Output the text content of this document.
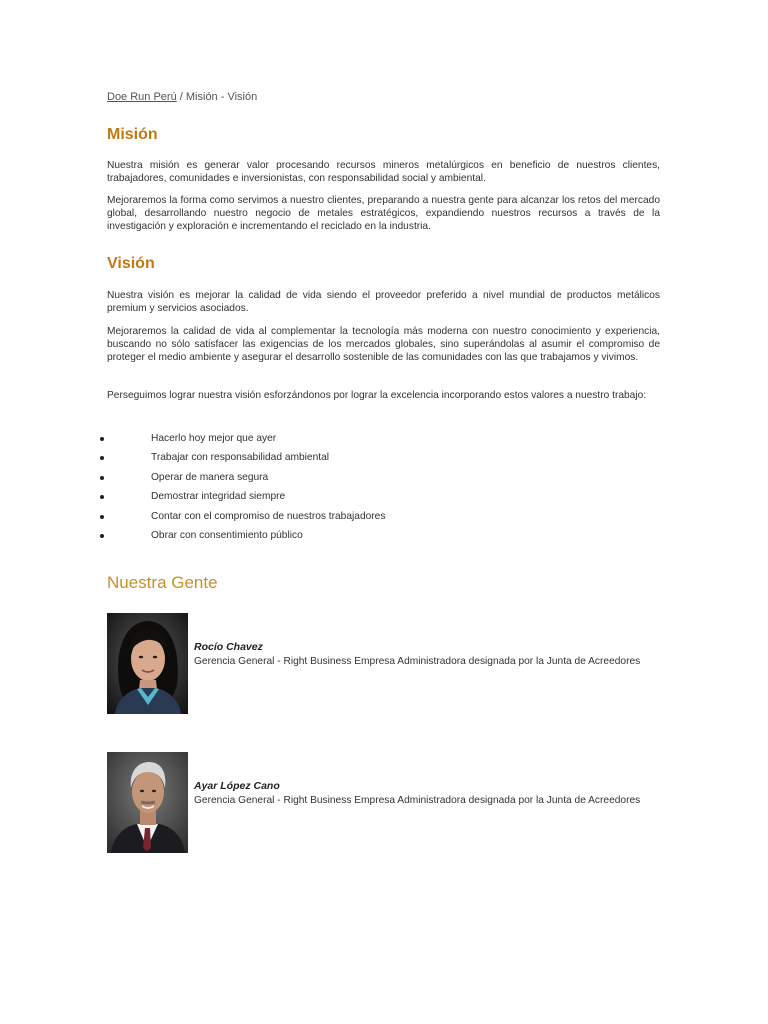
Doe Run Perú / Misión - Visión
Misión

Nuestra misión es generar valor procesando recursos mineros metalúrgicos en beneficio de nuestros clientes, trabajadores, comunidades e inversionistas, con responsabilidad social y ambiental.

Mejoraremos la forma como servimos a nuestro clientes, preparando a nuestra gente para alcanzar los retos del mercado global, desarrollando nuestro negocio de metales estratégicos, expandiendo nuestros recursos a través de la investigación y exploración e incrementando el reciclado en la industria.

Visión

Nuestra visión es mejorar la calidad de vida siendo el proveedor preferido a nivel mundial de productos metálicos premium y servicios asociados.

Mejoraremos la calidad de vida al complementar la tecnología más moderna con nuestro conocimiento y experiencia, buscando no sólo satisfacer las exigencias de los mercados globales, sino superándolas al asumir el compromiso de proteger el medio ambiente y asegurar el desarrollo sostenible de las comunidades con las que trabajamos y vivimos.

Perseguimos lograr nuestra visión esforzándonos por lograr la excelencia incorporando estos valores a nuestro trabajo:

Hacerlo hoy mejor que ayer
Trabajar con responsabilidad ambiental
Operar de manera segura
Demostrar integridad siempre
Contar con el compromiso de nuestros trabajadores
Obrar con consentimiento público
Nuestra Gente

Rocío Chavez

Gerencia General - Right Business Empresa Administradora designada por la Junta de Acreedores

Ayar López Cano

Gerencia General - Right Business Empresa Administradora designada por la Junta de Acreedores
